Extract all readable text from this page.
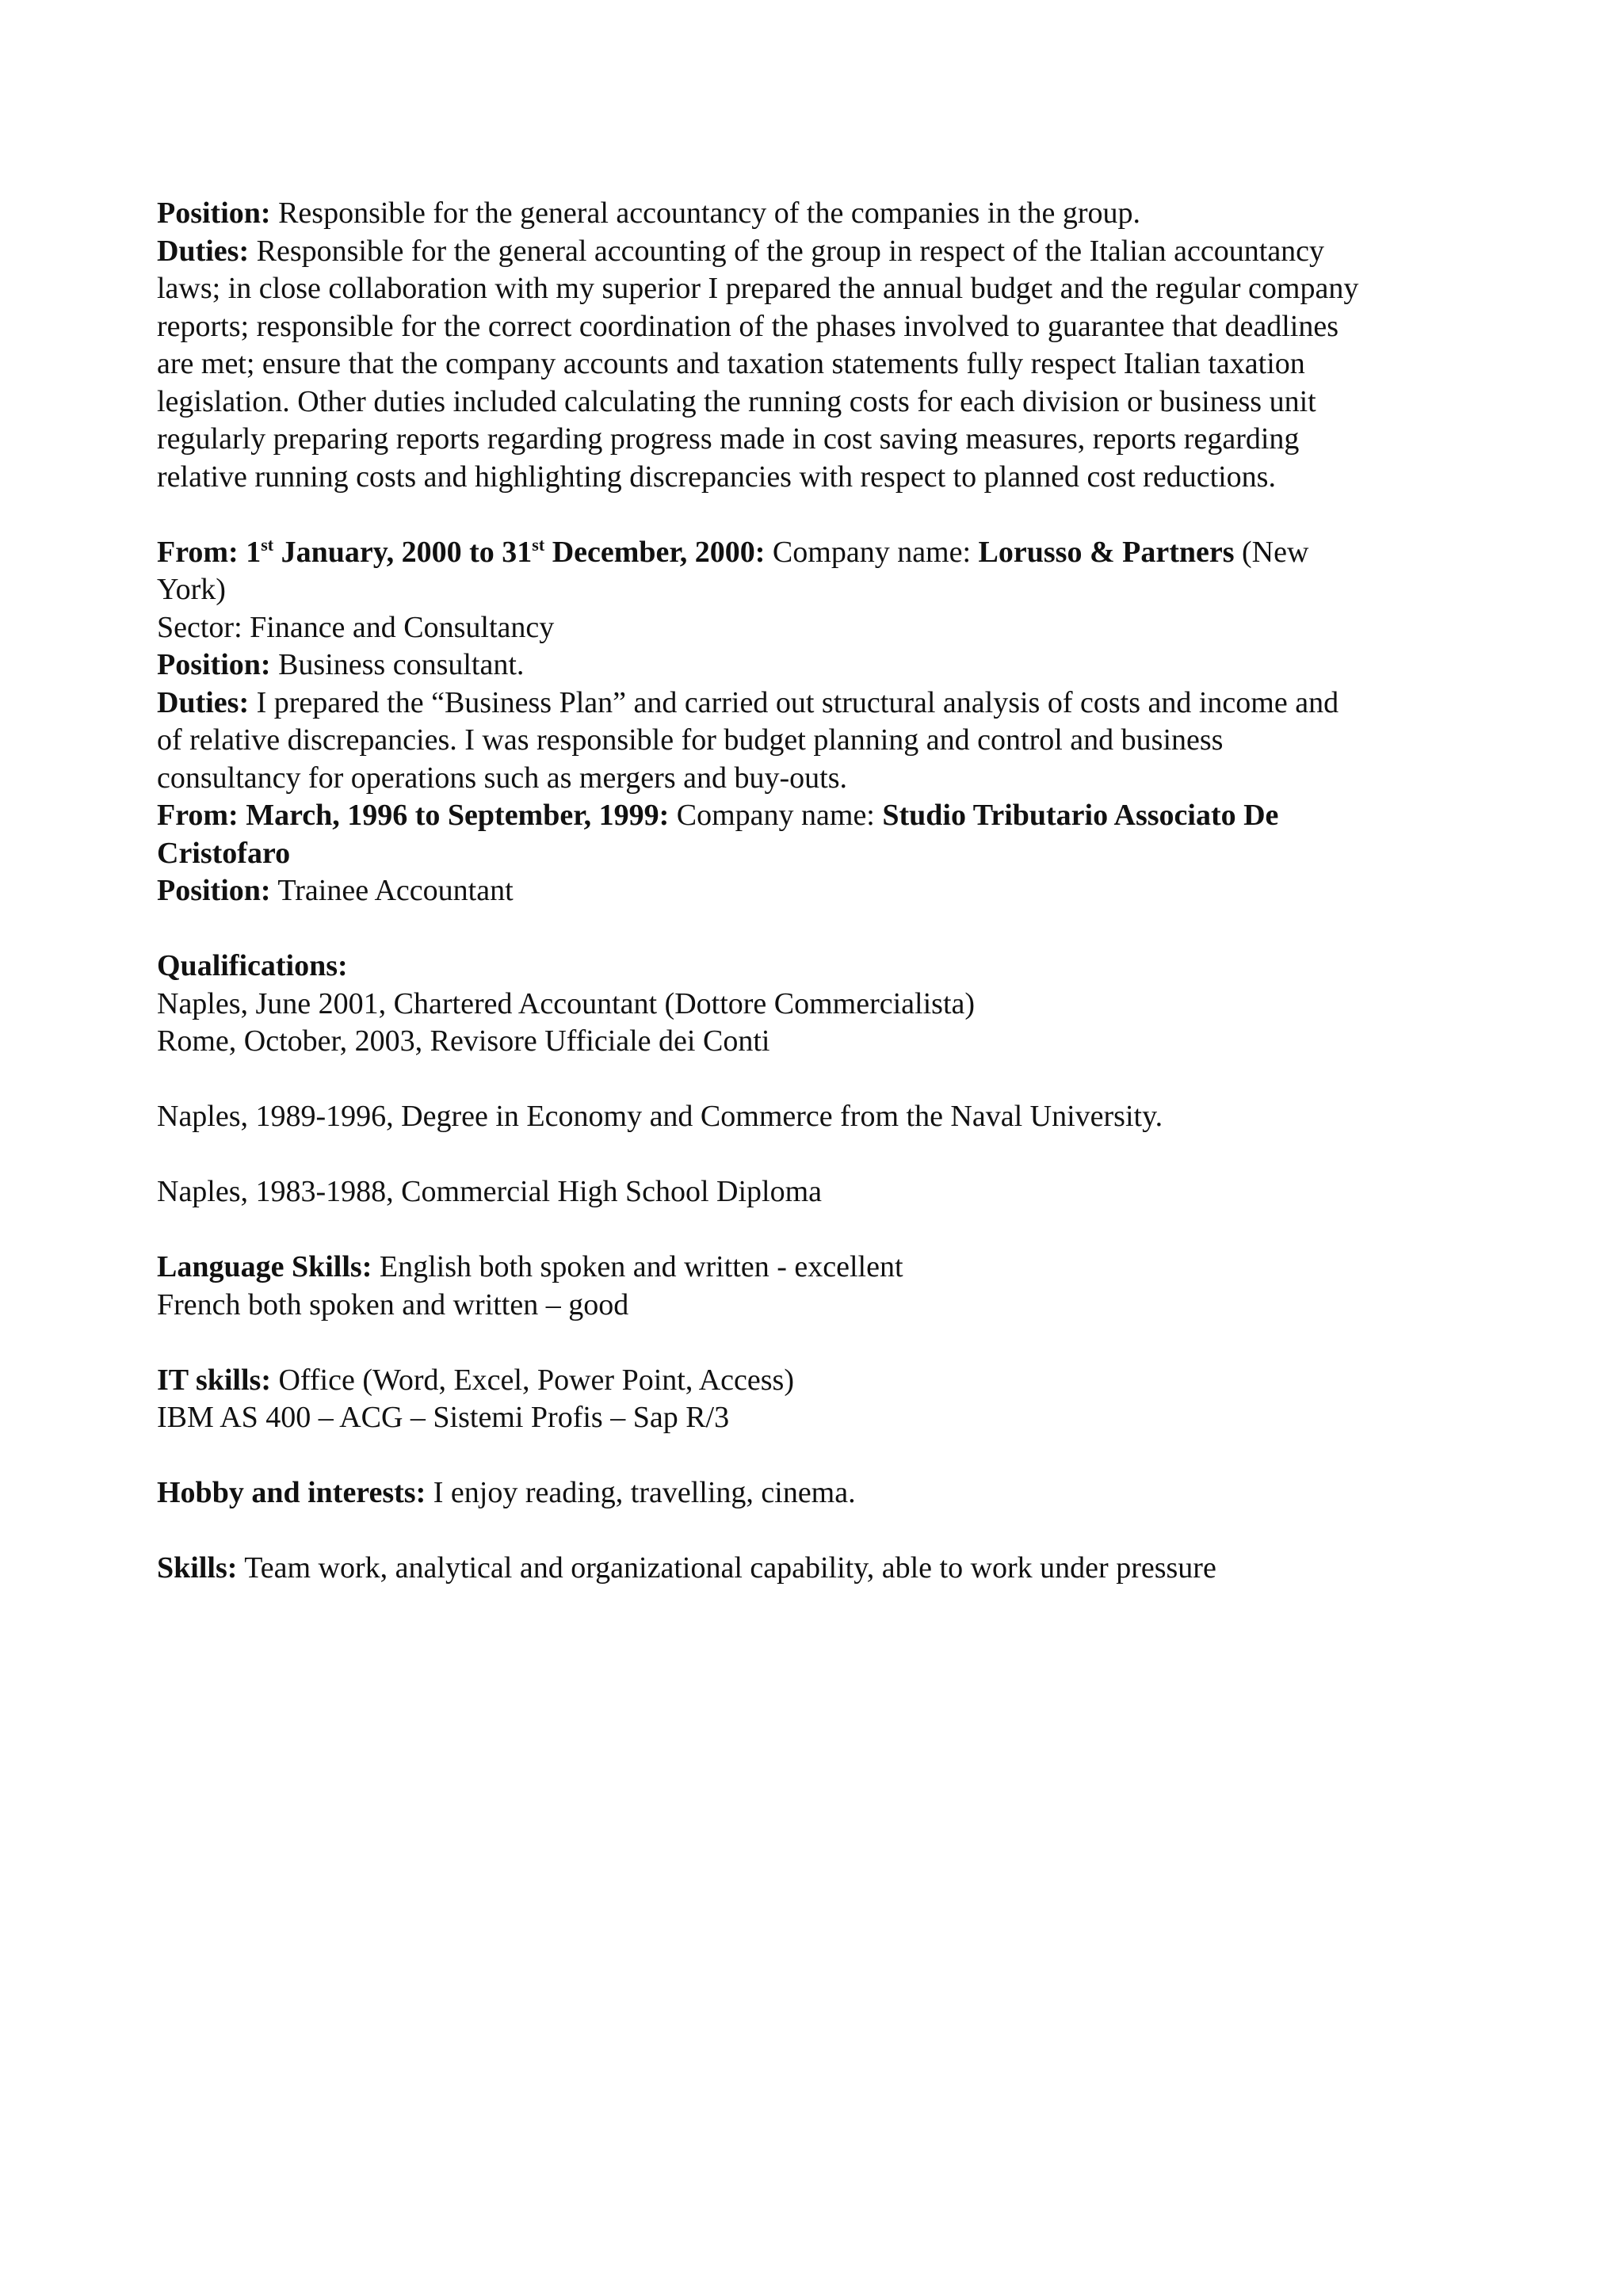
Position: Responsible for the general accountancy of the companies in the group.
Duties: Responsible for the general accounting of the group in respect of the Italian accountancy
laws; in close collaboration with my superior I prepared the annual budget and the regular company
reports; responsible for the correct coordination of the phases involved to guarantee that deadlines
are met; ensure that the company accounts and taxation statements fully respect Italian taxation
legislation. Other duties included calculating the running costs for each division or business unit
regularly preparing reports regarding progress made in cost saving measures, reports regarding
relative running costs and highlighting discrepancies with respect to planned cost reductions.
From: 1st January, 2000 to 31st December, 2000: Company name: Lorusso & Partners (New
York)
Sector: Finance and Consultancy
Position: Business consultant.
Duties: I prepared the “Business Plan” and carried out structural analysis of costs and income and
of relative discrepancies. I was responsible for budget planning and control and business
consultancy for operations such as mergers and buy-outs.
From: March, 1996 to September, 1999: Company name: Studio Tributario Associato De
Cristofaro
Position: Trainee Accountant
Qualifications:
Naples, June 2001, Chartered Accountant (Dottore Commercialista)
Rome, October, 2003, Revisore Ufficiale dei Conti
Naples, 1989-1996, Degree in Economy and Commerce from the Naval University.
Naples, 1983-1988, Commercial High School Diploma
Language Skills: English both spoken and written - excellent
French both spoken and written – good
IT skills: Office (Word, Excel, Power Point, Access)
IBM AS 400 – ACG – Sistemi Profis – Sap R/3
Hobby and interests: I enjoy reading, travelling, cinema.
Skills: Team work, analytical and organizational capability, able to work under pressure
